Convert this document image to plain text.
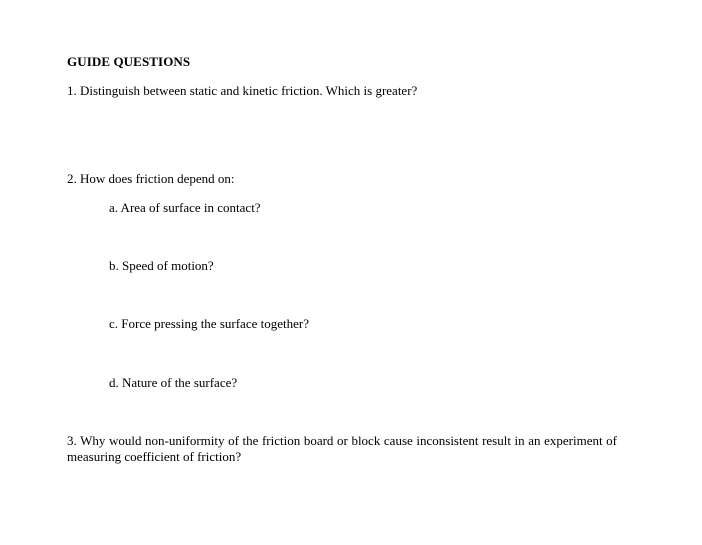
GUIDE QUESTIONS
1. Distinguish between static and kinetic friction. Which is greater?
2. How does friction depend on:
a. Area of surface in contact?
b. Speed of motion?
c. Force pressing the surface together?
d. Nature of the surface?
3. Why would non-uniformity of the friction board or block cause inconsistent result in an experiment of measuring coefficient of friction?
